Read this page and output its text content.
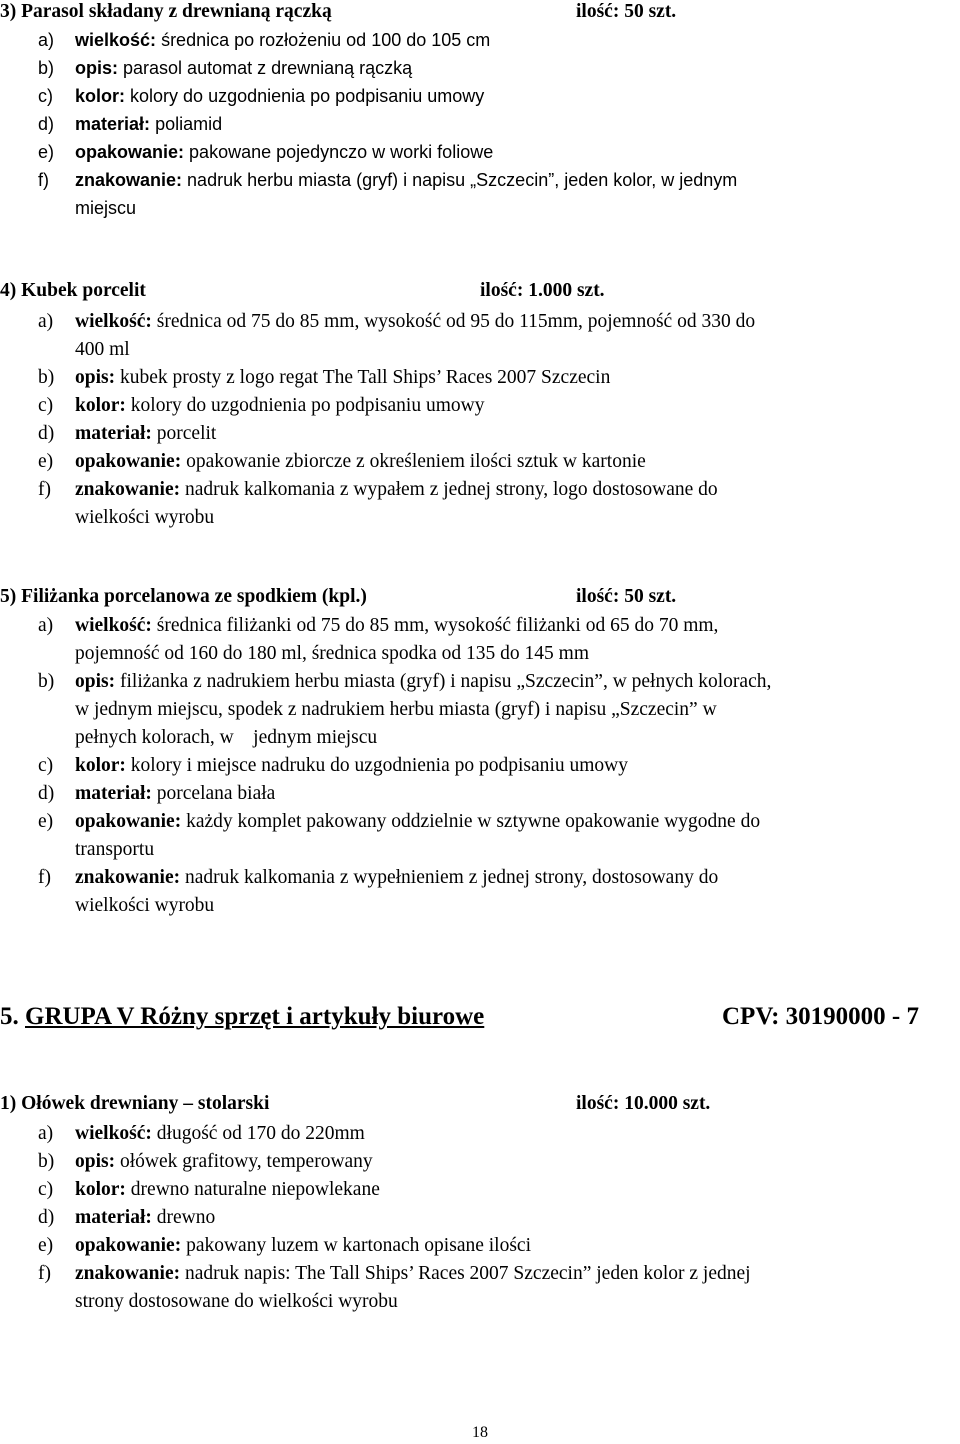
3) Parasol składany z drewnianą rączką	ilość: 50 szt.
a) wielkość: średnica po rozłożeniu od 100 do 105 cm
b) opis: parasol automat z drewnianą rączką
c) kolor: kolory do uzgodnienia po podpisaniu umowy
d) materiał: poliamid
e) opakowanie: pakowane pojedynczo w worki foliowe
f) znakowanie: nadruk herbu miasta (gryf) i napisu „Szczecin”, jeden kolor, w jednym
miejscu
4) Kubek porcelit	ilość: 1.000 szt.
a) wielkość: średnica od 75 do 85 mm, wysokość od 95 do 115mm, pojemność od 330 do
400 ml
b) opis: kubek prosty z logo regat The Tall Ships’ Races 2007 Szczecin
c) kolor: kolory do uzgodnienia po podpisaniu umowy
d) materiał: porcelit
e) opakowanie: opakowanie zbiorcze z określeniem ilości sztuk w kartonie
f) znakowanie: nadruk kalkomania z wypałem z jednej strony, logo dostosowane do
wielkości wyrobu
5) Filiżanka porcelanowa ze spodkiem (kpl.)	ilość: 50 szt.
a) wielkość: średnica filiżanki od 75 do 85 mm, wysokość filiżanki od 65 do 70 mm,
pojemność od 160 do 180 ml, średnica spodka od 135 do 145 mm
b) opis: filiżanka z nadrukiem herbu miasta (gryf) i napisu „Szczecin”, w pełnych kolorach,
w jednym miejscu, spodek z nadrukiem herbu miasta (gryf) i napisu „Szczecin” w
pełnych kolorach, w    jednym miejscu
c) kolor: kolory i miejsce nadruku do uzgodnienia po podpisaniu umowy
d) materiał: porcelana biała
e) opakowanie: każdy komplet pakowany oddzielnie w sztywne opakowanie wygodne do
transportu
f) znakowanie: nadruk kalkomania z wypełnieniem z jednej strony, dostosowany do
wielkości wyrobu
5. GRUPA V Różny sprzęt i artykuły biurowe	CPV: 30190000 - 7
1) Ołówek drewniany – stolarski	ilość: 10.000 szt.
a) wielkość: długość od 170 do 220mm
b) opis: ołówek grafitowy, temperowany
c) kolor: drewno naturalne niepowlekane
d) materiał: drewno
e) opakowanie: pakowany luzem w kartonach opisane ilości
f) znakowanie: nadruk napis: The Tall Ships’ Races 2007 Szczecin” jeden kolor z jednej
strony dostosowane do wielkości wyrobu
18
